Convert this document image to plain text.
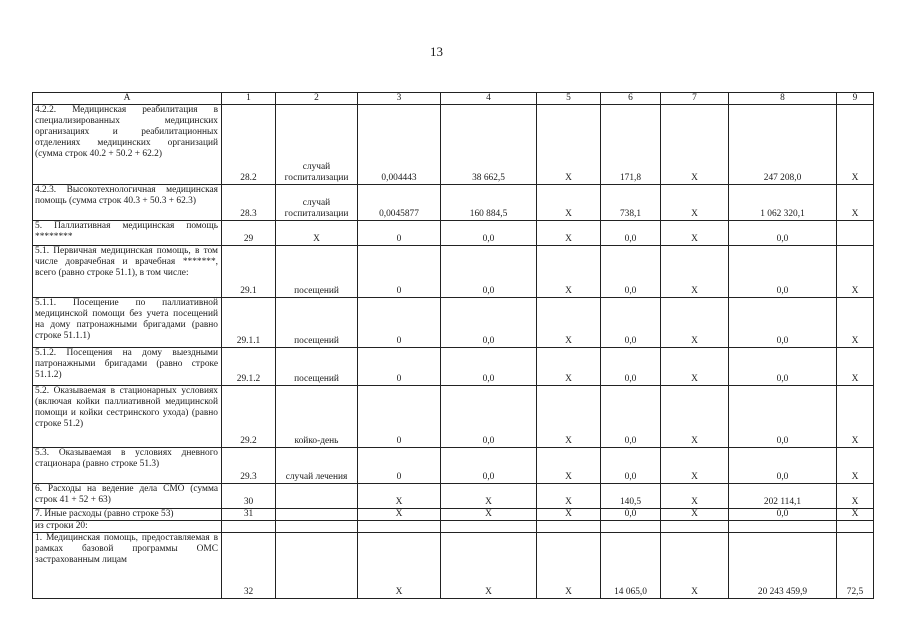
13
A	1	2	3	4	5	6	7	8	9
4.2.2. Медицинская реабилитация в специализированных медицинских организациях и реабилитационных отделениях медицинских организаций (сумма строк 40.2 + 50.2 + 62.2)	28.2	случай госпитализации	0,004443	38 662,5	X	171,8	X	247 208,0	X
4.2.3. Высокотехнологичная медицинская помощь (сумма строк 40.3 + 50.3 + 62.3)	28.3	случай госпитализации	0,0045877	160 884,5	X	738,1	X	1 062 320,1	X
5. Паллиативная медицинская помощь ********	29	X	0	0,0	X	0,0	X	0,0	
5.1. Первичная медицинская помощь, в том числе доврачебная и врачебная *******, всего (равно строке 51.1), в том числе:	29.1	посещений	0	0,0	X	0,0	X	0,0	X
5.1.1. Посещение по паллиативной медицинской помощи без учета посещений на дому патронажными бригадами (равно строке 51.1.1)	29.1.1	посещений	0	0,0	X	0,0	X	0,0	X
5.1.2. Посещения на дому выездными патронажными бригадами (равно строке 51.1.2)	29.1.2	посещений	0	0,0	X	0,0	X	0,0	X
5.2. Оказываемая в стационарных условиях (включая койки паллиативной медицинской помощи и койки сестринского ухода) (равно строке 51.2)	29.2	койко-день	0	0,0	X	0,0	X	0,0	X
5.3. Оказываемая в условиях дневного стационара (равно строке 51.3)	29.3	случай лечения	0	0,0	X	0,0	X	0,0	X
6. Расходы на ведение дела СМО (сумма строк 41 + 52 + 63)	30		X	X	X	140,5	X	202 114,1	X
7. Иные расходы (равно строке 53)	31		X	X	X	0,0	X	0,0	X
из строки 20:									
1. Медицинская помощь, предоставляемая в рамках базовой программы ОМС застрахованным лицам	32		X	X	X	14 065,0	X	20 243 459,9	72,5
